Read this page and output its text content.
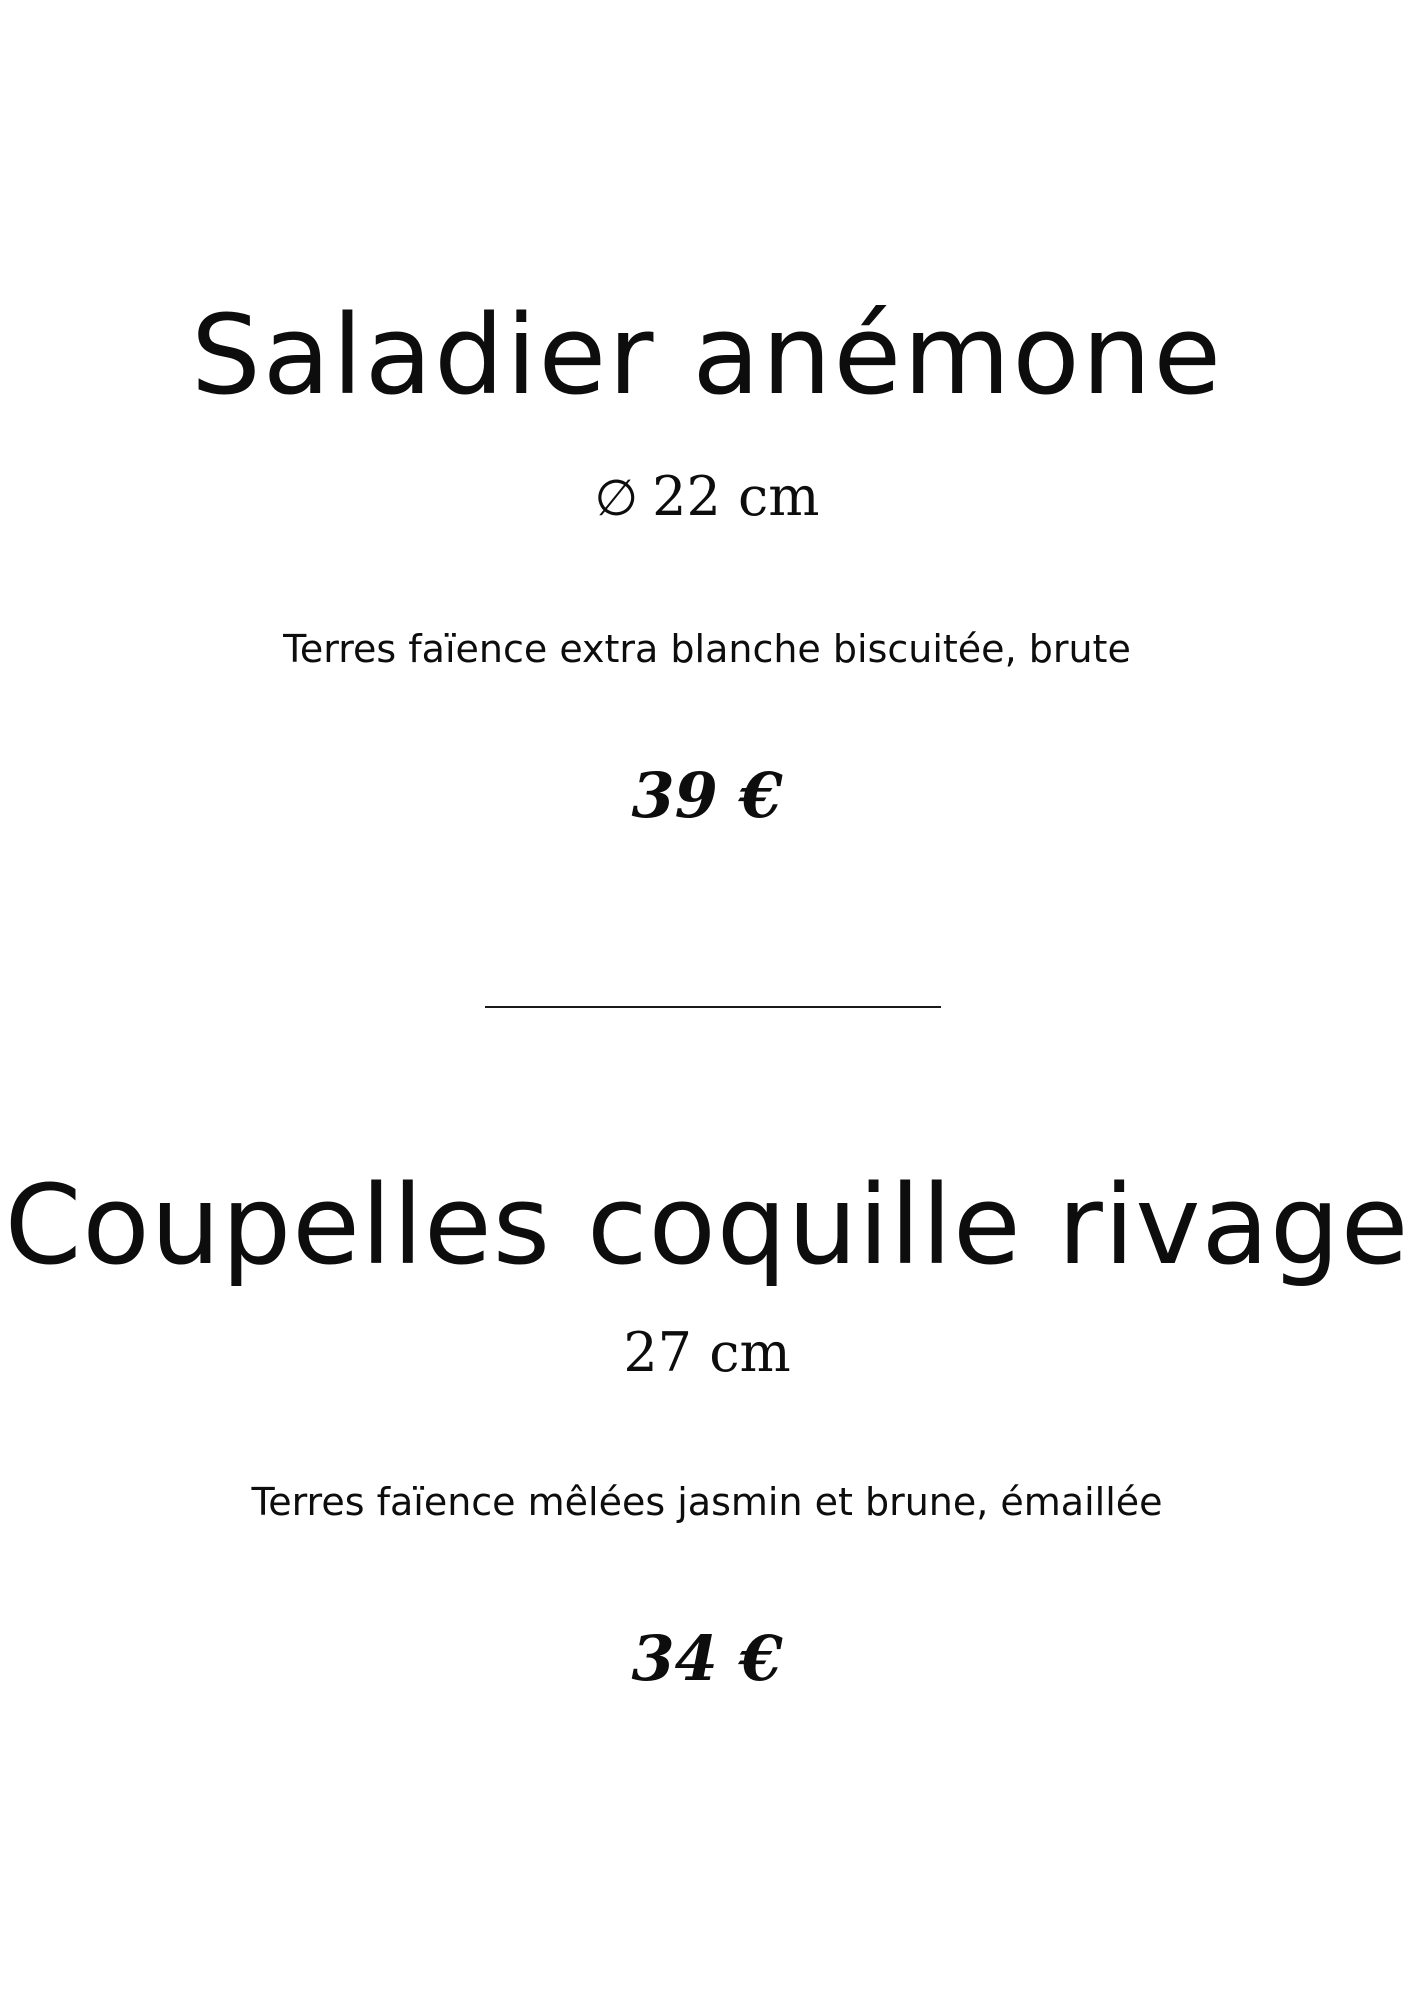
Saladier anémone
∅ 22 cm
Terres faïence extra blanche biscuitée, brute
39 €
Coupelles coquille rivage
27 cm
Terres faïence mêlées jasmin et brune, émaillée
34 €
